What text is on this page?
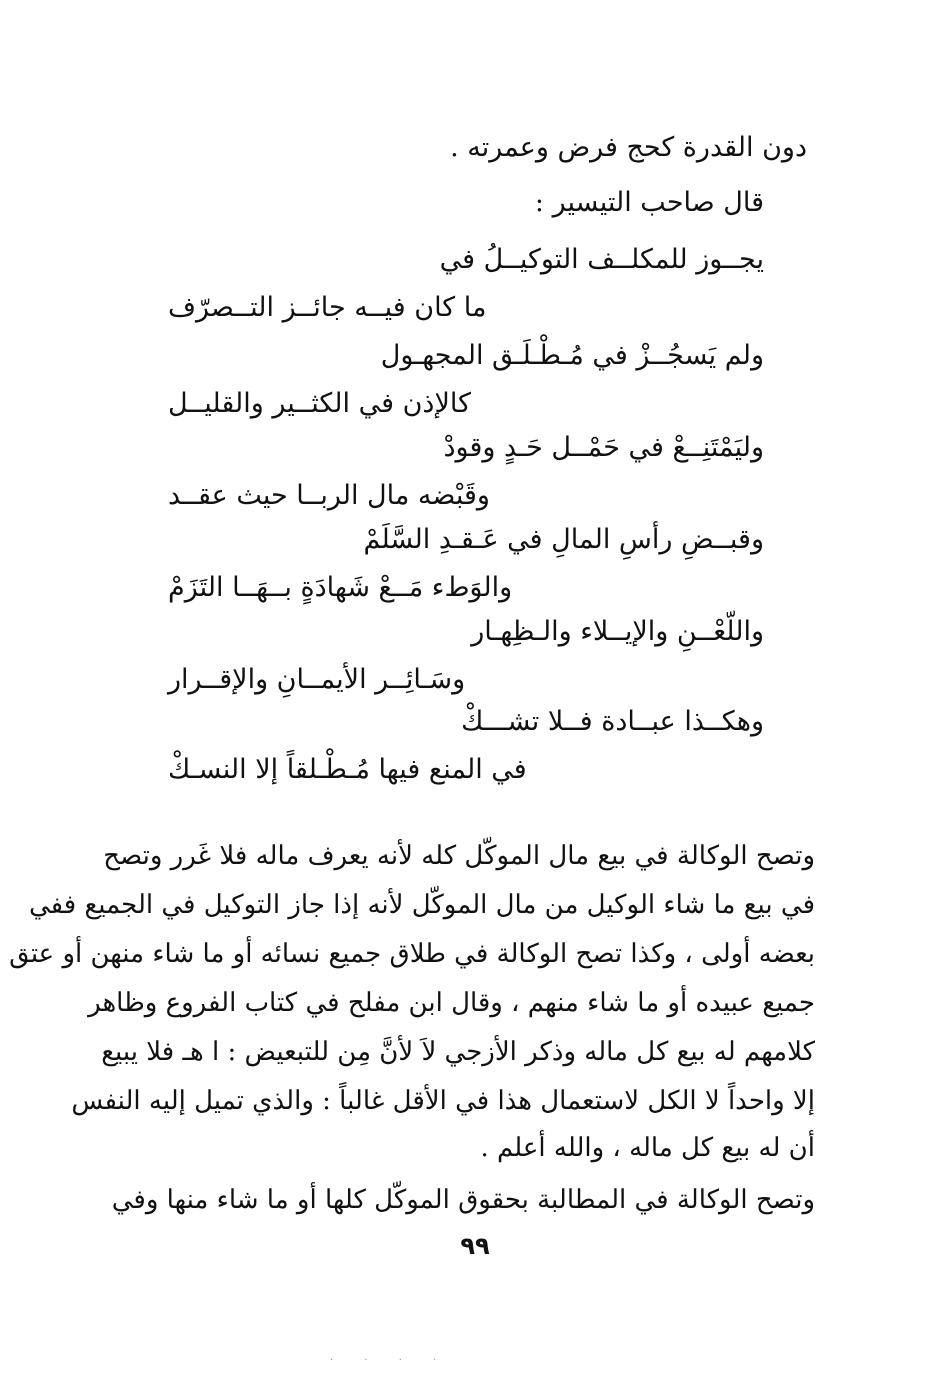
دون القدرة كحج فرض وعمرته .
قال صاحب التيسير :
يجــوز للمكلــف التوكيــلُ في
ما كان فيــه جائــز التــصرّف
ولم يَسجُــزْ في مُـطْـلَـق المجهـول
كالإذن في الكثــير والقليــل
وليَمْتَنِــعْ في حَمْــل حَـدٍ وقودْ
وقَبْضه مال الربــا حيث عقــد
وقبــضِ رأسِ المالِ في عَـقـدِ السَّلَمْ
والوَطء مَــعْ شَهادَةٍ بــهَــا التَزَمْ
واللّعْــنِ والإيــلاء والـظِهـار
وسَـائِــر الأيمــانِ والإقــرار
وهكــذا عبــادة فــلا تشـــكْ
في المنع فيها مُـطْـلقاً إلا النسـكْ
وتصح الوكالة في بيع مال الموكّل كله لأنه يعرف ماله فلا غَرر وتصح
في بيع ما شاء الوكيل من مال الموكّل لأنه إذا جاز التوكيل في الجميع ففي
بعضه أولى ، وكذا تصح الوكالة في طلاق جميع نسائه أو ما شاء منهن أو عتق
جميع عبيده أو ما شاء منهم ، وقال ابن مفلح في كتاب الفروع وظاهر
كلامهم له بيع كل ماله وذكر الأزجي لاَ لأنَّ مِن للتبعيض : ا هـ فلا يبيع
إلا واحداً لا الكل لاستعمال هذا في الأقل غالباً : والذي تميل إليه النفس
أن له بيع كل ماله ، والله أعلم .
وتصح الوكالة في المطالبة بحقوق الموكّل كلها أو ما شاء منها وفي
٩٩
· · · ·
